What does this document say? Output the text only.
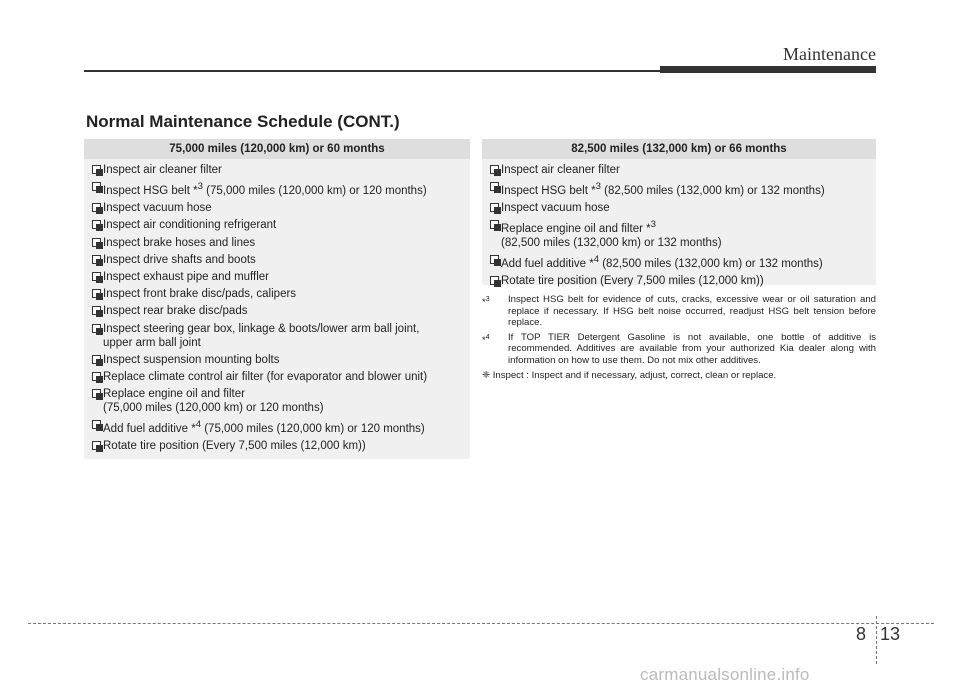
Maintenance
Normal Maintenance Schedule (CONT.)
75,000 miles (120,000 km) or 60 months
Inspect air cleaner filter
Inspect HSG belt *$^3$ (75,000 miles (120,000 km) or 120 months)
Inspect vacuum hose
Inspect air conditioning refrigerant
Inspect brake hoses and lines
Inspect drive shafts and boots
Inspect exhaust pipe and muffler
Inspect front brake disc/pads, calipers
Inspect rear brake disc/pads
Inspect steering gear box, linkage & boots/lower arm ball joint,
upper arm ball joint
Inspect suspension mounting bolts
Replace climate control air filter (for evaporator and blower unit)
Replace engine oil and filter
(75,000 miles (120,000 km) or 120 months)
Add fuel additive *$^4$ (75,000 miles (120,000 km) or 120 months)
Rotate tire position (Every 7,500 miles (12,000 km))
82,500 miles (132,000 km) or 66 months
Inspect air cleaner filter
Inspect HSG belt *$^3$ (82,500 miles (132,000 km) or 132 months)
Inspect vacuum hose
Replace engine oil and filter *$^3$
(82,500 miles (132,000 km) or 132 months)
Add fuel additive *$^4$ (82,500 miles (132,000 km) or 132 months)
Rotate tire position (Every 7,500 miles (12,000 km))
*$^3$ Inspect HSG belt for evidence of cuts, cracks, excessive wear or oil saturation and replace if necessary. If HSG belt noise occurred, readjust HSG belt tension before replace.
*$^4$ If TOP TIER Detergent Gasoline is not available, one bottle of additive is recommended. Additives are available from your authorized Kia dealer along with information on how to use them. Do not mix other additives.
❈ Inspect : Inspect and if necessary, adjust, correct, clean or replace.
8 13
carmanualsonline.info
